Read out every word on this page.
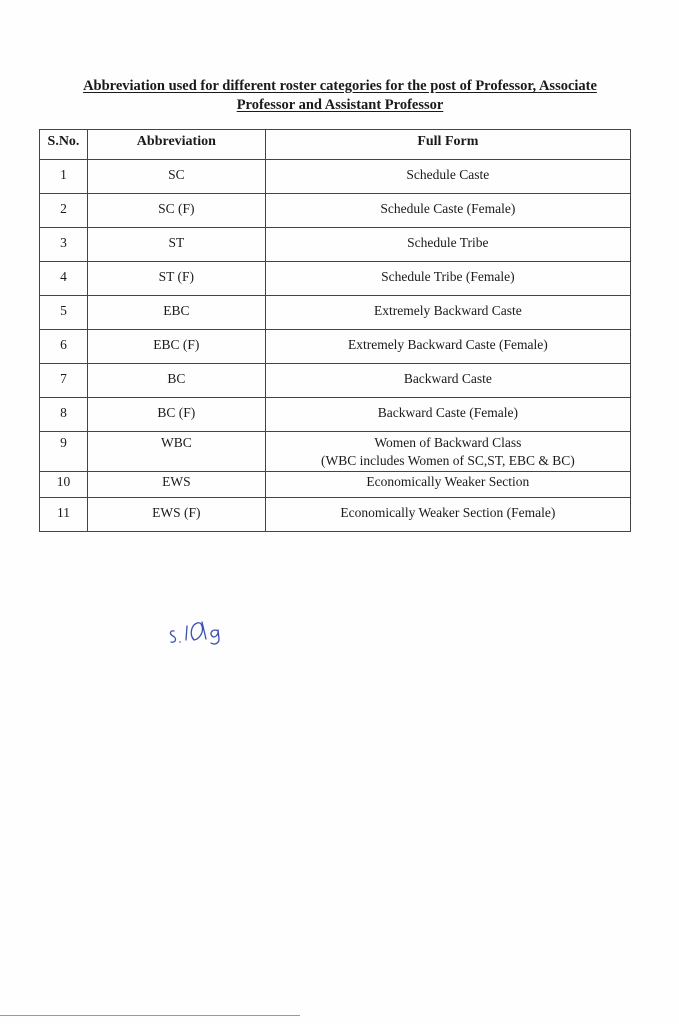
Abbreviation used for different roster categories for the post of Professor, Associate
Professor and Assistant Professor
S.No.	Abbreviation	Full Form
1	SC	Schedule Caste
2	SC (F)	Schedule Caste (Female)
3	ST	Schedule Tribe
4	ST (F)	Schedule Tribe (Female)
5	EBC	Extremely Backward Caste
6	EBC (F)	Extremely Backward Caste (Female)
7	BC	Backward Caste
8	BC (F)	Backward Caste (Female)
9	WBC	Women of Backward Class
(WBC includes Women of SC,ST, EBC & BC)
10	EWS	Economically Weaker Section
11	EWS (F)	Economically Weaker Section (Female)
